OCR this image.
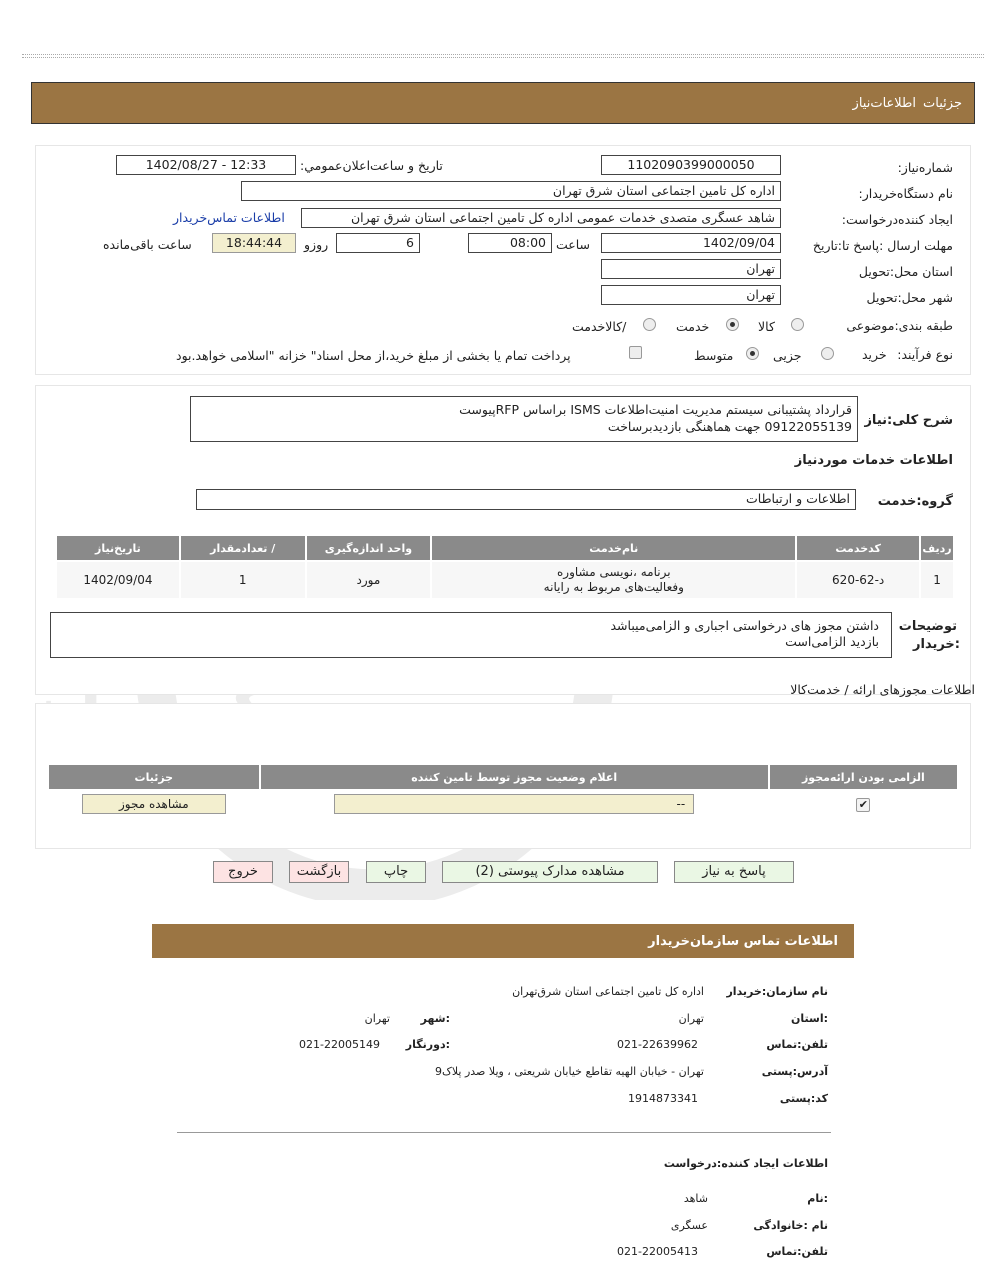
جزئیات
اطلاعات‌نیاز
شماره‌نیاز:
1102090399000050
تاریخ و ساعت‌اعلان‌عمومي:
1402/08/27 - 12:33
نام دستگاه‌خريدار:
اداره کل تامین اجتماعی استان شرق تهران
ایجاد کننده‌درخواست:
شاهد عسگری متصدی خدمات عمومی اداره کل تامین اجتماعی استان شرق تهران
اطلاعات تماس‌خريدار
مهلت ارسال :پاسخ تا:تاریخ
1402/09/04
ساعت
08:00
6
روزو
18:44:44
ساعت باقی‌مانده
استان محل:تحویل
تهران
شهر محل:تحویل
تهران
طبقه بندی:موضوعی
کالا
خدمت
/کالاخدمت
نوع فرآیند:
خرید
جزیی
متوسط
پرداخت تمام یا بخشی از مبلغ خرید،از محل اسناد" خزانه "اسلامی خواهد.بود
شرح کلی:نیاز
قرارداد پشتیبانی سیستم مدیریت امنیت‌اطلاعات ISMS براساس RFPپیوست
09122055139 جهت هماهنگی بازدیدبرساخت
اطلاعات خدمات موردنیاز
گروه:خدمت
اطلاعات و ارتباطات
ردیف	کدخدمت	نام‌خدمت	واحد اندازه‌گیری	/ تعدادمقدار	تاریخ‌نیاز
1	د-62-620	برنامه ،نویسی مشاوره وفعالیت‌های مربوط به رایانه	مورد	1	1402/09/04
توضیحات
:خریدار
داشتن مجوز های درخواستی اجباری و الزامی‌میباشد
بازدید الزامی‌است
اطلاعات مجوزهای ارائه / خدمت‌کالا
الزامی بودن ارائه‌مجوز	اعلام وضعیت مجوز توسط تامین کننده	جزئیات
✔	--	مشاهده مجوز
پاسخ به نیاز
مشاهده مدارک پیوستی (2)
چاپ
بازگشت
خروج
اطلاعات تماس سازمان‌خریدار
نام سازمان:خریدار
اداره کل تامین اجتماعی استان شرق‌تهران
:استان
تهران
:شهر
تهران
تلفن:تماس
021-22639962
:دورنگار
021-22005149
آدرس:پستی
تهران - خیابان الهیه تقاطع خیابان شریعتی ، ویلا صدر پلاک9
کد:پستی
1914873341
اطلاعات ایجاد کننده:درخواست
:نام
شاهد
نام :خانوادگی
عسگری
تلفن:تماس
021-22005413
